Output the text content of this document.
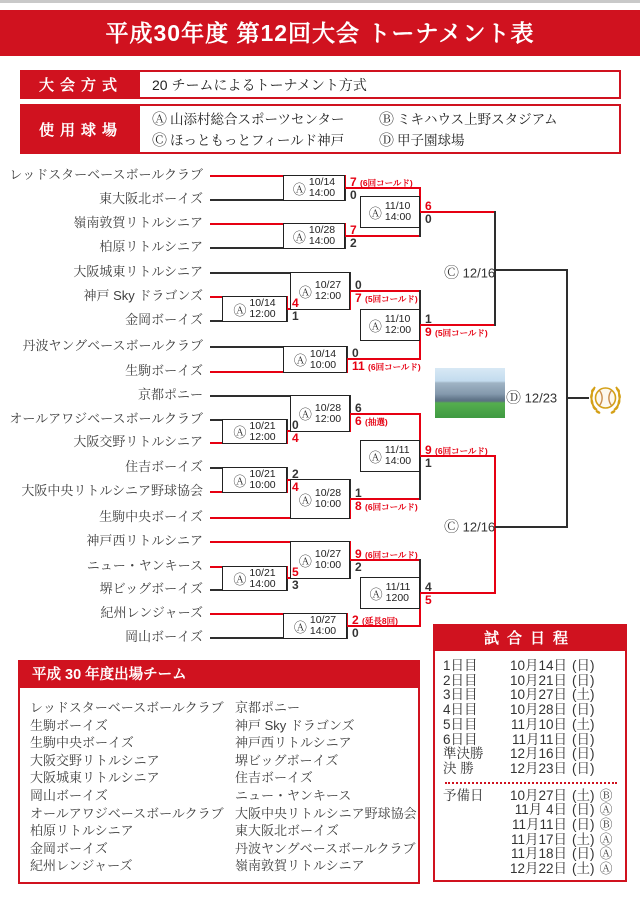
平成30年度 第12回大会 トーナメント表
大会方式	20 チームによるトーナメント方式
使用球場
Ⓐ 山添村総合スポーツセンター	Ⓑ ミキハウス上野スタジアム
Ⓒ ほっともっとフィールド神戸	Ⓓ 甲子園球場
Ⓐ 10/14
14:00
Ⓐ 10/28
14:00
Ⓐ 11/10
14:00
Ⓐ 10/14
12:00
Ⓐ 10/27
12:00
Ⓐ 10/14
10:00
Ⓐ 11/10
12:00
Ⓐ 10/21
12:00
Ⓐ 10/28
12:00
Ⓐ 10/21
10:00
Ⓐ 10/28
10:00
Ⓐ 11/11
14:00
Ⓐ 10/27
10:00
Ⓐ 10/21
14:00
Ⓐ 10/27
14:00
Ⓐ 11/11
1200
レッドスターベースボールクラブ
東大阪北ボーイズ
嶺南敦賀リトルシニア
柏原リトルシニア
大阪城東リトルシニア
神戸 Sky ドラゴンズ
金岡ボーイズ
丹波ヤングベースボールクラブ
生駒ボーイズ
京都ポニー
オールアワジベースボールクラブ
大阪交野リトルシニア
住吉ボーイズ
大阪中央リトルシニア野球協会
生駒中央ボーイズ
神戸西リトルシニア
ニュー・ヤンキース
堺ビッグボーイズ
紀州レンジャーズ
岡山ボーイズ
7 (6回コールド)
0
7
2
6
0
4
1
0
7 (5回コールド)
0
11 (6回コールド)
1
9 (5回コールド)
0
4
6
6 (抽選)
2
4	1
8 (6回コールド)
9 (6回コールド)
1
9 (6回コールド)
2
5
3
2 (延長8回)
0
4
5
Ⓒ 12/16
Ⓒ 12/16
Ⓓ 12/23
平成 30 年度出場チーム
レッドスターベースボールクラブ 京都ポニー
生駒ボーイズ	神戸 Sky ドラゴンズ
生駒中央ボーイズ	神戸西リトルシニア
大阪交野リトルシニア	堺ビッグボーイズ
大阪城東リトルシニア	住吉ボーイズ
岡山ボーイズ	ニュー・ヤンキース
オールアワジベースボールクラブ 大阪中央リトルシニア野球協会
柏原リトルシニア	東大阪北ボーイズ
金岡ボーイズ	丹波ヤングベースボールクラブ
紀州レンジャーズ	嶺南敦賀リトルシニア
試合日程
1日目	10月14日 (日)
2日目	10月21日 (日)
3日目	10月27日 (土)
4日目	10月28日 (日)
5日目	11月10日 (土)
6日目	11月11日 (日)
準決勝	12月16日 (日)
決 勝	12月23日 (日)
予備日	10月27日 (土) Ⓑ
11月 4日 (日) Ⓐ
11月11日 (日) Ⓑ
11月17日 (土) Ⓐ
11月18日 (日) Ⓐ
12月22日 (土) Ⓐ
